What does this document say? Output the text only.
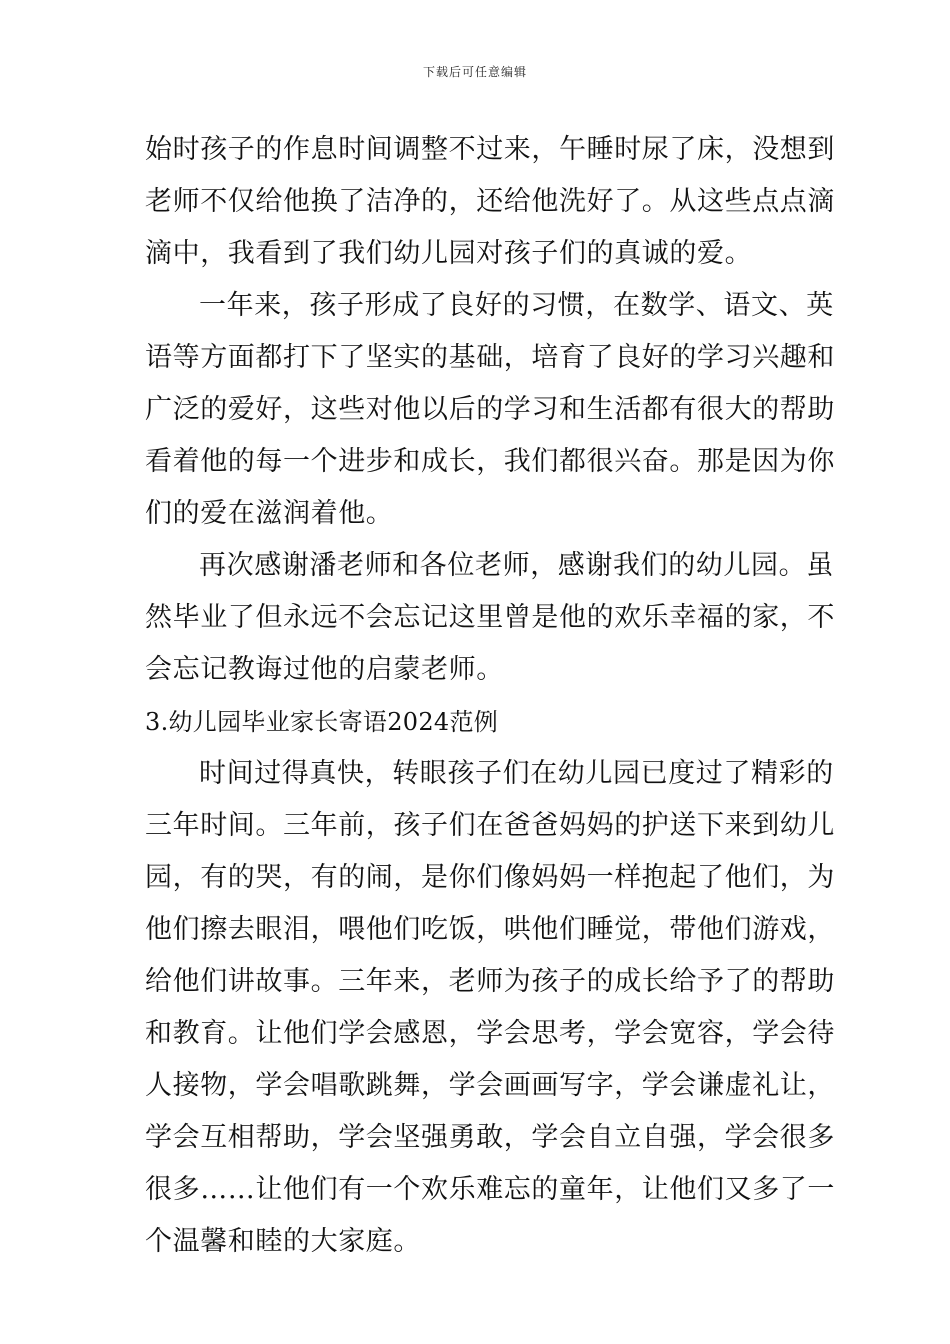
下载后可任意编辑
始时孩子的作息时间调整不过来，午睡时尿了床，没想到
老师不仅给他换了洁净的，还给他洗好了。从这些点点滴
滴中，我看到了我们幼儿园对孩子们的真诚的爱。
一年来，孩子形成了良好的习惯，在数学、语文、英
语等方面都打下了坚实的基础，培育了良好的学习兴趣和
广泛的爱好，这些对他以后的学习和生活都有很大的帮助
看着他的每一个进步和成长，我们都很兴奋。那是因为你
们的爱在滋润着他。
再次感谢潘老师和各位老师，感谢我们的幼儿园。虽
然毕业了但永远不会忘记这里曾是他的欢乐幸福的家，不
会忘记教诲过他的启蒙老师。
3.幼儿园毕业家长寄语2024范例
时间过得真快，转眼孩子们在幼儿园已度过了精彩的
三年时间。三年前，孩子们在爸爸妈妈的护送下来到幼儿
园，有的哭，有的闹，是你们像妈妈一样抱起了他们，为
他们擦去眼泪，喂他们吃饭，哄他们睡觉，带他们游戏，
给他们讲故事。三年来，老师为孩子的成长给予了的帮助
和教育。让他们学会感恩，学会思考，学会宽容，学会待
人接物，学会唱歌跳舞，学会画画写字，学会谦虚礼让，
学会互相帮助，学会坚强勇敢，学会自立自强，学会很多
很多……让他们有一个欢乐难忘的童年，让他们又多了一
个温馨和睦的大家庭。
